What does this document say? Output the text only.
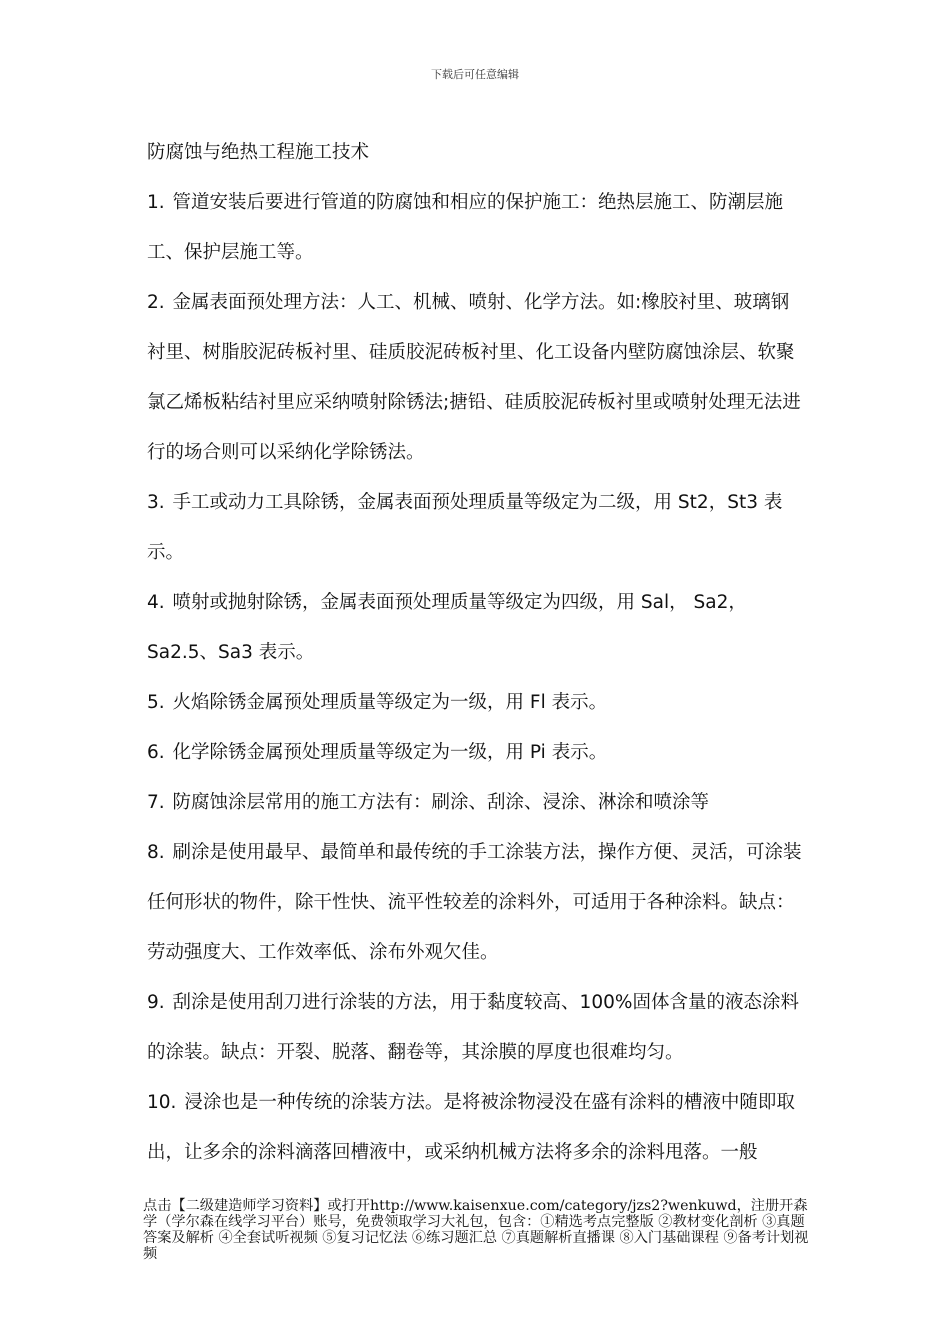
下载后可任意编辑

防腐蚀与绝热工程施工技术

1. 管道安装后要进行管道的防腐蚀和相应的保护施工：绝热层施工、防潮层施工、保护层施工等。

2. 金属表面预处理方法：人工、机械、喷射、化学方法。如:橡胶衬里、玻璃钢衬里、树脂胶泥砖板衬里、硅质胶泥砖板衬里、化工设备内壁防腐蚀涂层、软聚氯乙烯板粘结衬里应采纳喷射除锈法;搪铅、硅质胶泥砖板衬里或喷射处理无法进行的场合则可以采纳化学除锈法。

3. 手工或动力工具除锈，金属表面预处理质量等级定为二级，用 St2，St3 表示。

4. 喷射或抛射除锈，金属表面预处理质量等级定为四级，用 Sal， Sa2，Sa2.5、Sa3 表示。

5. 火焰除锈金属预处理质量等级定为一级，用 Fl 表示。

6. 化学除锈金属预处理质量等级定为一级，用 Pi 表示。

7. 防腐蚀涂层常用的施工方法有：刷涂、刮涂、浸涂、淋涂和喷涂等

8. 刷涂是使用最早、最简单和最传统的手工涂装方法，操作方便、灵活，可涂装任何形状的物件，除干性快、流平性较差的涂料外，可适用于各种涂料。缺点：劳动强度大、工作效率低、涂布外观欠佳。

9. 刮涂是使用刮刀进行涂装的方法，用于黏度较高、100%固体含量的液态涂料的涂装。缺点：开裂、脱落、翻卷等，其涂膜的厚度也很难均匀。

10. 浸涂也是一种传统的涂装方法。是将被涂物浸没在盛有涂料的槽液中随即取出，让多余的涂料滴落回槽液中，或采纳机械方法将多余的涂料甩落。一般

点击【二级建造师学习资料】或打开http://www.kaisenxue.com/category/jzs2?wenkuwd，注册开森学（学尔森在线学习平台）账号，免费领取学习大礼包，包含：①精选考点完整版 ②教材变化剖析 ③真题答案及解析 ④全套试听视频 ⑤复习记忆法 ⑥练习题汇总 ⑦真题解析直播课 ⑧入门基础课程 ⑨备考计划视频
